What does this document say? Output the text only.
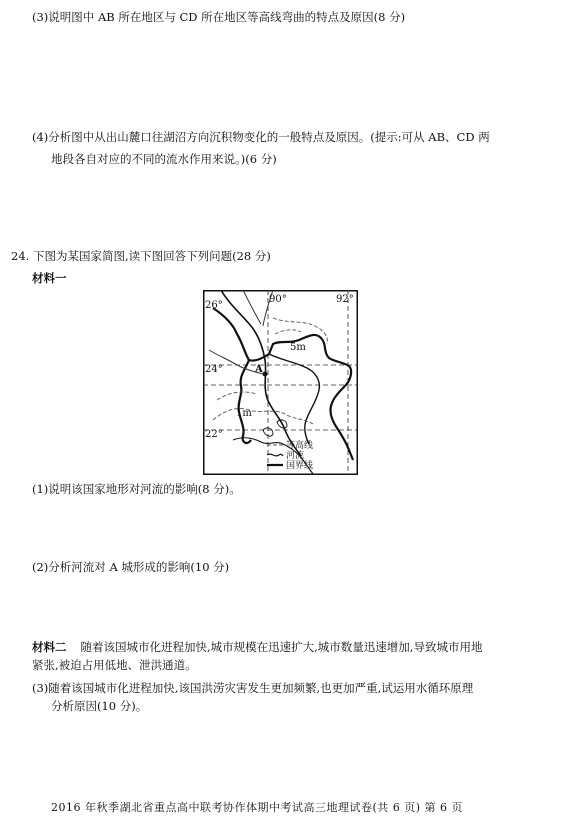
(3)说明图中 AB 所在地区与 CD 所在地区等高线弯曲的特点及原因(8 分)
(4)分析图中从出山麓口往湖沼方向沉积物变化的一般特点及原因。(提示:可从 AB、CD 两
地段各自对应的不同的流水作用来说。)(6 分)
24. 下图为某国家简图,读下图回答下列问题(28 分)
材料一
A
26°
24°
22°
90°	92°
5m
1m
等高线
河流
国界线
(1)说明该国家地形对河流的影响(8 分)。
(2)分析河流对 A 城形成的影响(10 分)
材料二 随着该国城市化进程加快,城市规模在迅速扩大,城市数量迅速增加,导致城市用地
紧张,被迫占用低地、泄洪通道。
(3)随着该国城市化进程加快,该国洪涝灾害发生更加频繁,也更加严重,试运用水循环原理
分析原因(10 分)。
2016 年秋季湖北省重点高中联考协作体期中考试高三地理试卷(共 6 页) 第 6 页
